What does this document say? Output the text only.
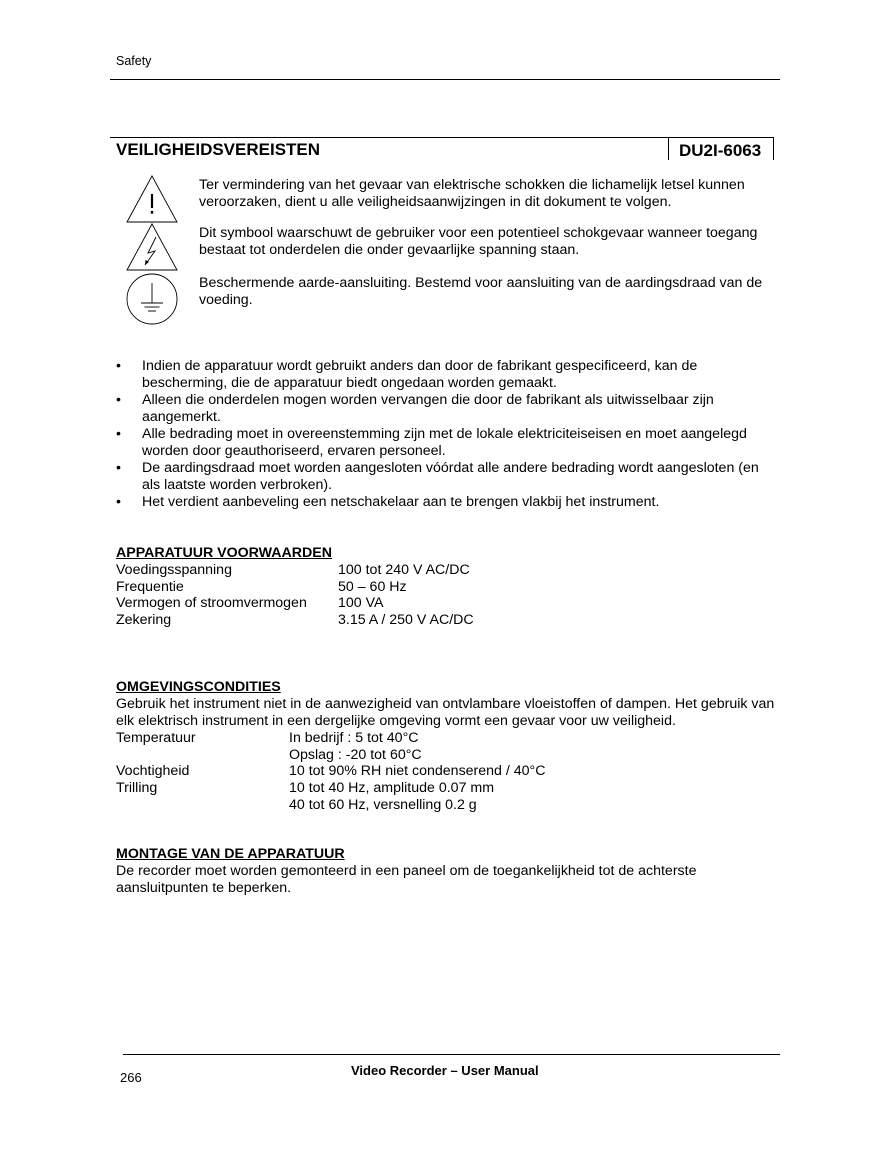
Safety
VEILIGHEIDSVEREISTEN	DU2I-6063
Ter vermindering van het gevaar van elektrische schokken die lichamelijk letsel kunnen veroorzaken, dient u alle veiligheidsaanwijzingen in dit dokument te volgen.
Dit symbool waarschuwt de gebruiker voor een potentieel schokgevaar wanneer toegang bestaat tot onderdelen die onder gevaarlijke spanning staan.
Beschermende aarde-aansluiting. Bestemd voor aansluiting van de aardingsdraad van de voeding.
• Indien de apparatuur wordt gebruikt anders dan door de fabrikant gespecificeerd, kan de bescherming, die de apparatuur biedt ongedaan worden gemaakt.
• Alleen die onderdelen mogen worden vervangen die door de fabrikant als uitwisselbaar zijn aangemerkt.
• Alle bedrading moet in overeenstemming zijn met de lokale elektriciteiseisen en moet aangelegd worden door geauthoriseerd, ervaren personeel.
• De aardingsdraad moet worden aangesloten vóórdat alle andere bedrading wordt aangesloten (en als laatste worden verbroken).
• Het verdient aanbeveling een netschakelaar aan te brengen vlakbij het instrument.
APPARATUUR VOORWAARDEN
Voedingsspanning	100 tot 240 V AC/DC
Frequentie	50 – 60 Hz
Vermogen of stroomvermogen 100 VA
Zekering	3.15 A / 250 V AC/DC
OMGEVINGSCONDITIES
Gebruik het instrument niet in de aanwezigheid van ontvlambare vloeistoffen of dampen. Het gebruik van elk elektrisch instrument in een dergelijke omgeving vormt een gevaar voor uw veiligheid.
Temperatuur	In bedrijf : 5 tot 40°C
Opslag : -20 tot 60°C
Vochtigheid	10 tot 90% RH niet condenserend / 40°C
Trilling	10 tot 40 Hz, amplitude 0.07 mm
40 tot 60 Hz, versnelling 0.2 g
MONTAGE VAN DE APPARATUUR
De recorder moet worden gemonteerd in een paneel om de toegankelijkheid tot de achterste aansluitpunten te beperken.
266	Video Recorder – User Manual
